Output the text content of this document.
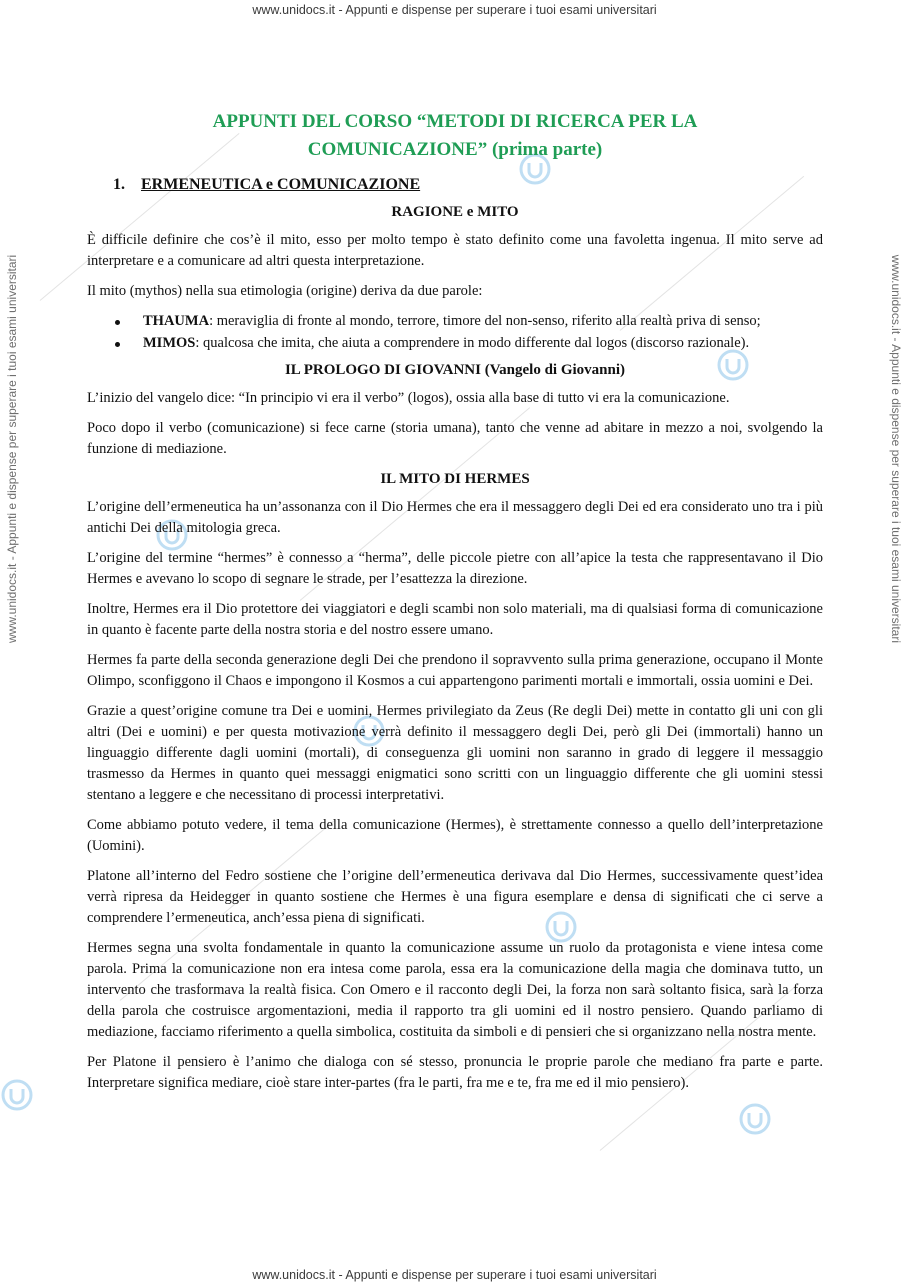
www.unidocs.it - Appunti e dispense per superare i tuoi esami universitari
www.unidocs.it - Appunti e dispense per superare i tuoi esami universitari
www.unidocs.it - Appunti e dispense per superare i tuoi esami universitari	www.unidocs.it - Appunti e dispense per superare i tuoi esami universitari
APPUNTI DEL CORSO “METODI DI RICERCA PER LA
COMUNICAZIONE” (prima parte)
1. ERMENEUTICA e COMUNICAZIONE
RAGIONE e MITO

È difficile definire che cos’è il mito, esso per molto tempo è stato definito come una favoletta ingenua. Il mito serve ad interpretare e a comunicare ad altri questa interpretazione.

Il mito (mythos) nella sua etimologia (origine) deriva da due parole:

THAUMA: meraviglia di fronte al mondo, terrore, timore del non-senso, riferito alla realtà priva di senso;
MIMOS: qualcosa che imita, che aiuta a comprendere in modo differente dal logos (discorso razionale).
IL PROLOGO DI GIOVANNI (Vangelo di Giovanni)

L’inizio del vangelo dice: “In principio vi era il verbo” (logos), ossia alla base di tutto vi era la comunicazione.

Poco dopo il verbo (comunicazione) si fece carne (storia umana), tanto che venne ad abitare in mezzo a noi, svolgendo la funzione di mediazione.

IL MITO DI HERMES

L’origine dell’ermeneutica ha un’assonanza con il Dio Hermes che era il messaggero degli Dei ed era considerato uno tra i più antichi Dei della mitologia greca.

L’origine del termine “hermes” è connesso a “herma”, delle piccole pietre con all’apice la testa che rappresentavano il Dio Hermes e avevano lo scopo di segnare le strade, per l’esattezza la direzione.

Inoltre, Hermes era il Dio protettore dei viaggiatori e degli scambi non solo materiali, ma di qualsiasi forma di comunicazione in quanto è facente parte della nostra storia e del nostro essere umano.

Hermes fa parte della seconda generazione degli Dei che prendono il sopravvento sulla prima generazione, occupano il Monte Olimpo, sconfiggono il Chaos e impongono il Kosmos a cui appartengono parimenti mortali e immortali, ossia uomini e Dei.

Grazie a quest’origine comune tra Dei e uomini, Hermes privilegiato da Zeus (Re degli Dei) mette in contatto gli uni con gli altri (Dei e uomini) e per questa motivazione verrà definito il messaggero degli Dei, però gli Dei (immortali) hanno un linguaggio differente dagli uomini (mortali), di conseguenza gli uomini non saranno in grado di leggere il messaggio trasmesso da Hermes in quanto quei messaggi enigmatici sono scritti con un linguaggio differente che gli uomini stessi stentano a leggere e che necessitano di processi interpretativi.

Come abbiamo potuto vedere, il tema della comunicazione (Hermes), è strettamente connesso a quello dell’interpretazione (Uomini).

Platone all’interno del Fedro sostiene che l’origine dell’ermeneutica derivava dal Dio Hermes, successivamente quest’idea verrà ripresa da Heidegger in quanto sostiene che Hermes è una figura esemplare e densa di significati che ci serve a comprendere l’ermeneutica, anch’essa piena di significati.

Hermes segna una svolta fondamentale in quanto la comunicazione assume un ruolo da protagonista e viene intesa come parola. Prima la comunicazione non era intesa come parola, essa era la comunicazione della magia che dominava tutto, un intervento che trasformava la realtà fisica. Con Omero e il racconto degli Dei, la forza non sarà soltanto fisica, sarà la forza della parola che costruisce argomentazioni, media il rapporto tra gli uomini ed il nostro pensiero. Quando parliamo di mediazione, facciamo riferimento a quella simbolica, costituita da simboli e di pensieri che si organizzano nella nostra mente.

Per Platone il pensiero è l’animo che dialoga con sé stesso, pronuncia le proprie parole che mediano fra parte e parte. Interpretare significa mediare, cioè stare inter-partes (fra le parti, fra me e te, fra me ed il mio pensiero).
